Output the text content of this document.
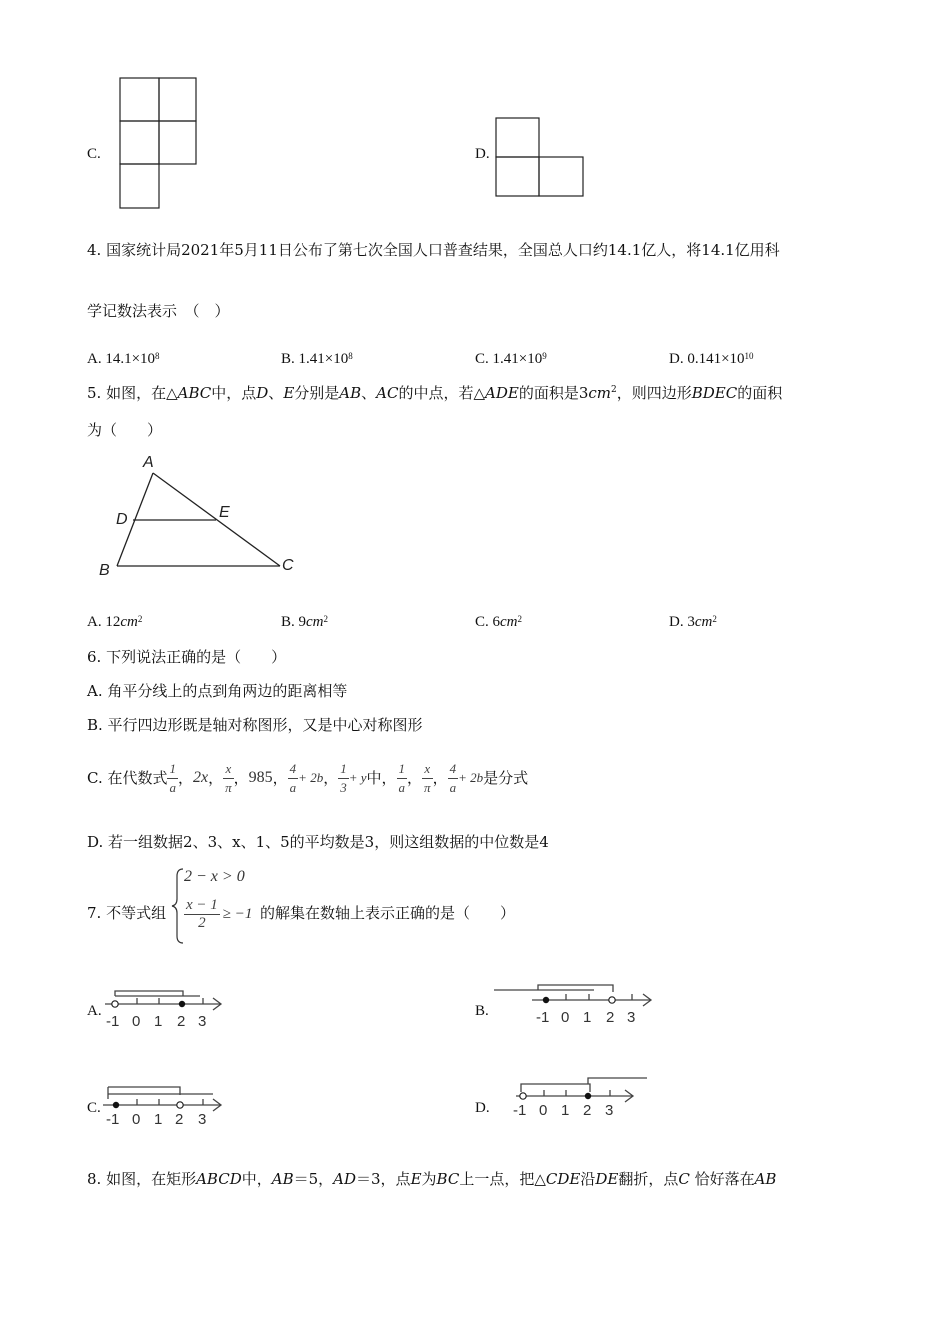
C.	D.
4. 国家统计局2021年5月11日公布了第七次全国人口普查结果，全国总人口约14.1亿人，将14.1亿用科
学记数法表示　（　）
A. $14.1\times 10^8$	B. $1.41\times 10^8$	C. $1.41\times 10^9$	D. $0.141\times 10^{10}$
5. 如图，在△ABC中，点D、E分别是AB、AC的中点，若△ADE的面积是$3cm^2$，则四边形BDEC的面积
为（　　）
A
D	E
B	C
A. $12cm^2$	B. $9cm^2$	C. $6cm^2$	D. $3cm^2$
6. 下列说法正确的是（　　）
A. 角平分线上的点到角两边的距离相等
B. 平行四边形既是轴对称图形，又是中心对称图形
C. 在代数式 $\frac{1}{a}$ ， 2x ， $\frac{x}{\pi}$ ， 985 ， $\frac{4}{a} + 2b$ ， $\frac{1}{3} + y$ 中， $\frac{1}{a}$ ， $\frac{x}{\pi}$ ， $\frac{4}{a} + 2b$ 是分式
D. 若一组数据2、3、x、1、5的平均数是3，则这组数据的中位数是4
7. 不等式组
2 − x > 0
$\frac{x - 1}{2} \ge -1$ 的解集在数轴上表示正确的是（　　）
A.
-1 0 1 2 3
B.	-1 0 1 2 3
C.
-1 0 1 2 3
D. -1 0 1 2 3
8. 如图，在矩形ABCD中，AB＝5，AD＝3，点E为BC上一点，把△CDE沿DE翻折，点C 恰好落在AB
